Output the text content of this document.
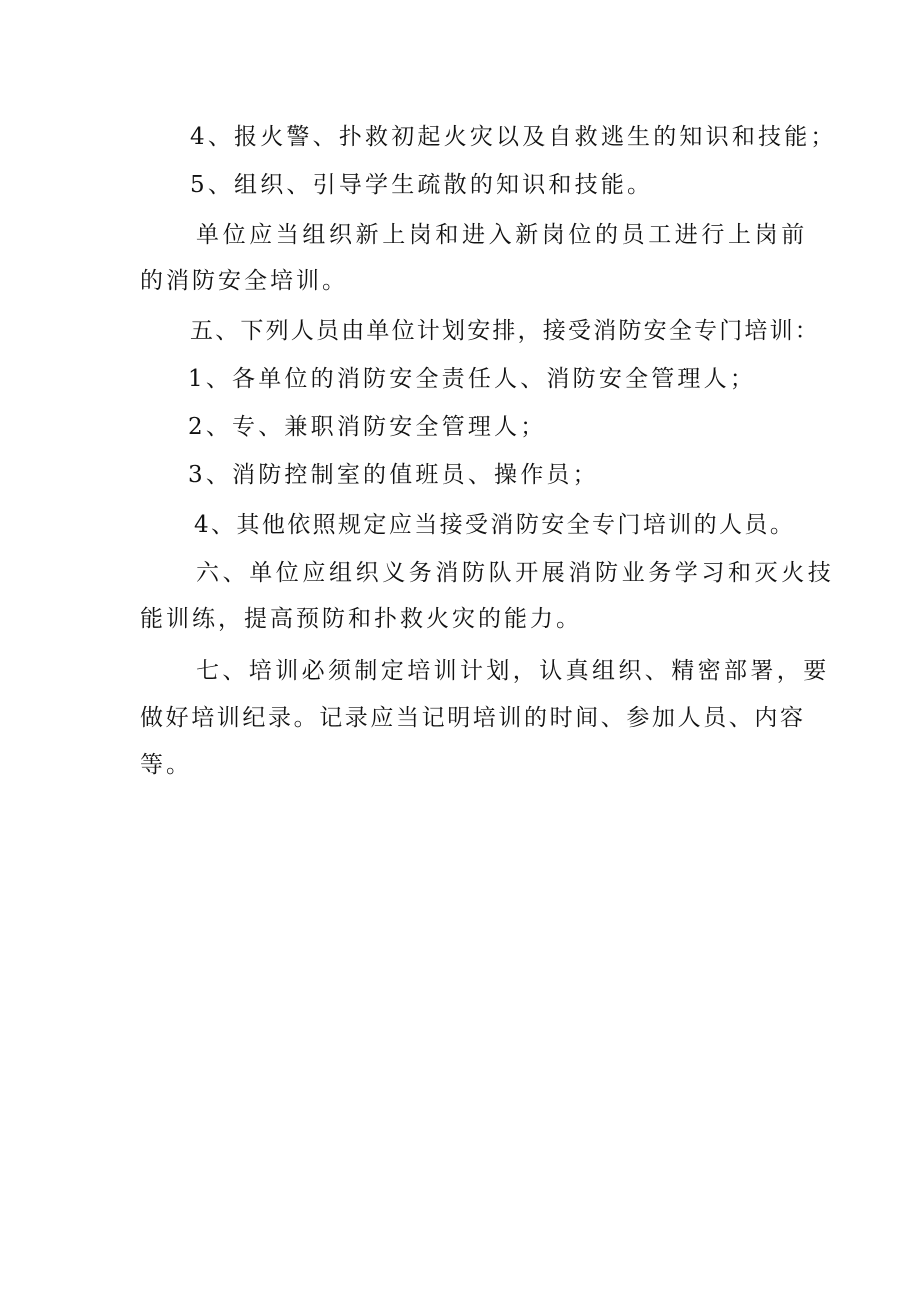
4、报火警、扑救初起火灾以及自救逃生的知识和技能；
5、组织、引导学生疏散的知识和技能。
单位应当组织新上岗和进入新岗位的员工进行上岗前
的消防安全培训。
五、下列人员由单位计划安排，接受消防安全专门培训：
1、各单位的消防安全责任人、消防安全管理人；
2、专、兼职消防安全管理人；
3、消防控制室的值班员、操作员；
4、其他依照规定应当接受消防安全专门培训的人员。
六、单位应组织义务消防队开展消防业务学习和灭火技
能训练，提高预防和扑救火灾的能力。
七、培训必须制定培训计划，认真组织、精密部署，要
做好培训纪录。记录应当记明培训的时间、参加人员、内容
等。
